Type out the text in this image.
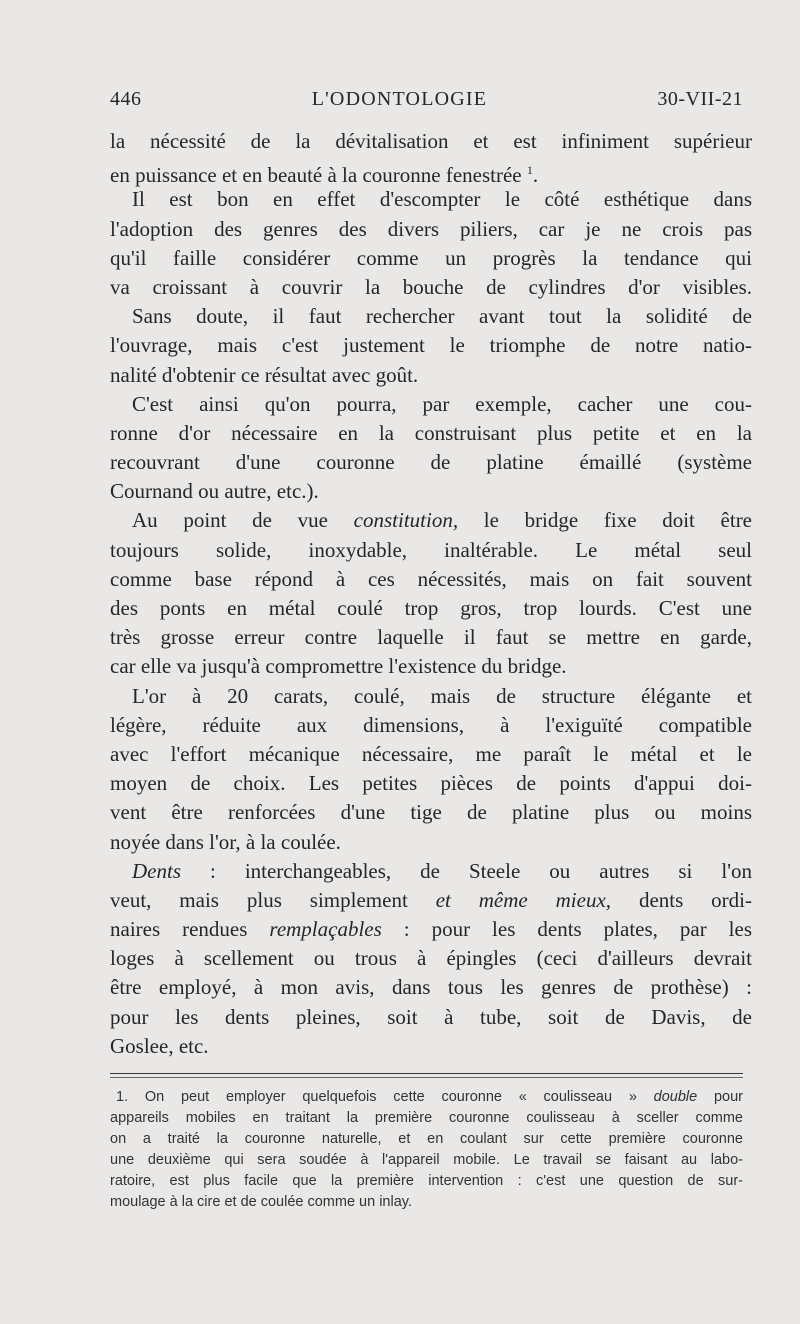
446	L'ODONTOLOGIE	30-VII-21
la nécessité de la dévitalisation et est infiniment supérieur
en puissance et en beauté à la couronne fenestrée $^1$.
Il est bon en effet d'escompter le côté esthétique dans
l'adoption des genres des divers piliers, car je ne crois pas
qu'il faille considérer comme un progrès la tendance qui
va croissant à couvrir la bouche de cylindres d'or visibles.
Sans doute, il faut rechercher avant tout la solidité de
l'ouvrage, mais c'est justement le triomphe de notre natio-
nalité d'obtenir ce résultat avec goût.
C'est ainsi qu'on pourra, par exemple, cacher une cou-
ronne d'or nécessaire en la construisant plus petite et en la
recouvrant d'une couronne de platine émaillé (système
Cournand ou autre, etc.).
Au point de vue constitution, le bridge fixe doit être
toujours solide, inoxydable, inaltérable. Le métal seul
comme base répond à ces nécessités, mais on fait souvent
des ponts en métal coulé trop gros, trop lourds. C'est une
très grosse erreur contre laquelle il faut se mettre en garde,
car elle va jusqu'à compromettre l'existence du bridge.
L'or à 20 carats, coulé, mais de structure élégante et
légère, réduite aux dimensions, à l'exiguïté compatible
avec l'effort mécanique nécessaire, me paraît le métal et le
moyen de choix. Les petites pièces de points d'appui doi-
vent être renforcées d'une tige de platine plus ou moins
noyée dans l'or, à la coulée.
Dents : interchangeables, de Steele ou autres si l'on
veut, mais plus simplement et même mieux, dents ordi-
naires rendues remplaçables : pour les dents plates, par les
loges à scellement ou trous à épingles (ceci d'ailleurs devrait
être employé, à mon avis, dans tous les genres de prothèse) :
pour les dents pleines, soit à tube, soit de Davis, de
Goslee, etc.
1. On peut employer quelquefois cette couronne « coulisseau » double pour
appareils mobiles en traitant la première couronne coulisseau à sceller comme
on a traité la couronne naturelle, et en coulant sur cette première couronne
une deuxième qui sera soudée à l'appareil mobile. Le travail se faisant au labo-
ratoire, est plus facile que la première intervention : c'est une question de sur-
moulage à la cire et de coulée comme un inlay.
